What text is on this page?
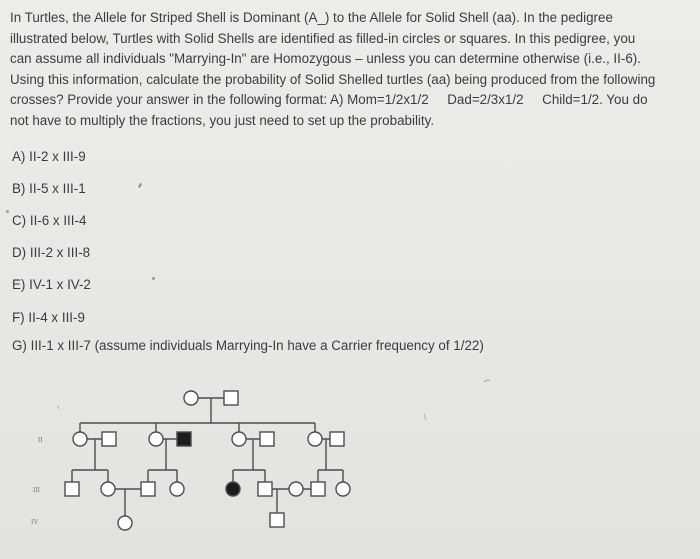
In Turtles, the Allele for Striped Shell is Dominant (A_) to the Allele for Solid Shell (aa). In the pedigree
illustrated below, Turtles with Solid Shells are identified as filled-in circles or squares. In this pedigree, you
can assume all individuals "Marrying-In" are Homozygous – unless you can determine otherwise (i.e., II-6).
Using this information, calculate the probability of Solid Shelled turtles (aa) being produced from the following
crosses? Provide your answer in the following format: A) Mom=1/2x1/2     Dad=2/3x1/2     Child=1/2. You do
not have to multiply the fractions, you just need to set up the probability.
A) II-2 x III-9
B) II-5 x III-1
C) II-6 x III-4
D) III-2 x III-8
E) IV-1 x IV-2
F) II-4 x III-9
G) III-1 x III-7 (assume individuals Marrying-In have a Carrier frequency of 1/22)
II
III
IV
